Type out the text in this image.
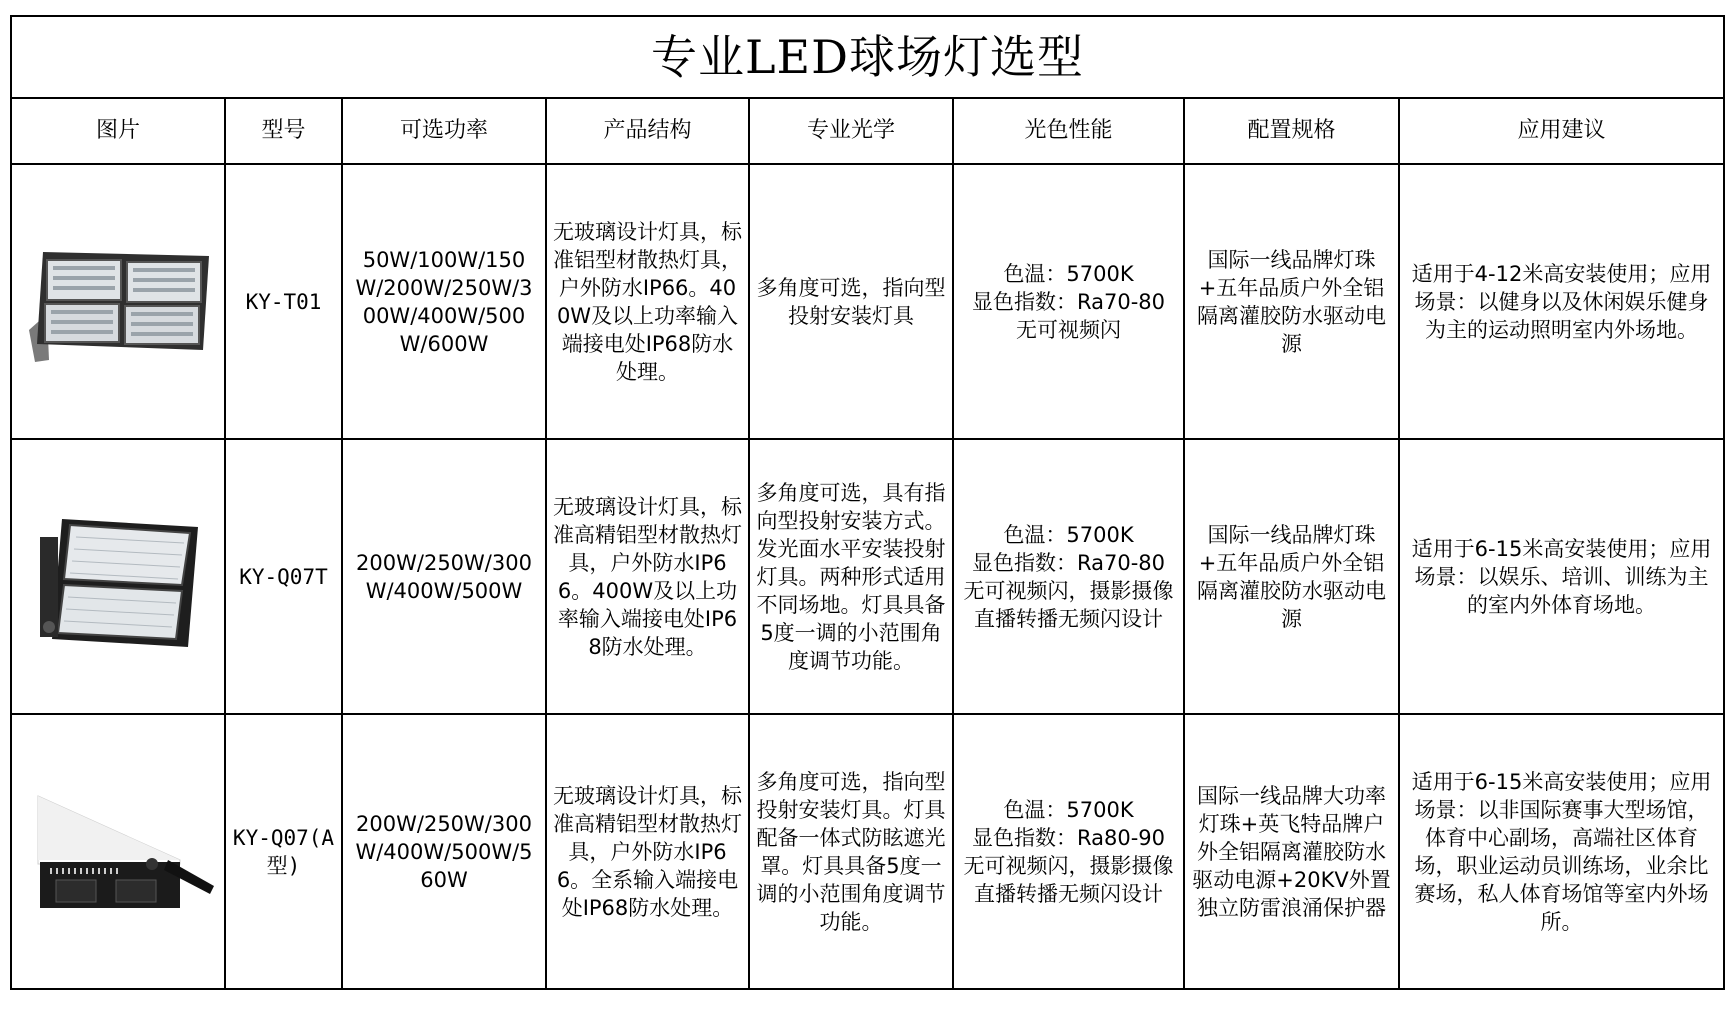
专业LED球场灯选型							
图片	型号	可选功率	产品结构	专业光学	光色性能	配置规格	应用建议

	KY-T01	50W/100W/150W/200W/250W/300W/400W/500W/600W	无玻璃设计灯具，标准铝型材散热灯具，户外防水IP66。400W及以上功率输入端接电处IP68防水处理。	多角度可选，指向型投射安装灯具	色温：5700K
显色指数：Ra70-80
无可视频闪	国际一线品牌灯珠+五年品质户外全铝隔离灌胶防水驱动电源	适用于4-12米高安装使用；应用场景：以健身以及休闲娱乐健身为主的运动照明室内外场地。

	KY-Q07T	200W/250W/300W/400W/500W	无玻璃设计灯具，标准高精铝型材散热灯具，户外防水IP66。400W及以上功率输入端接电处IP68防水处理。	多角度可选，具有指向型投射安装方式。发光面水平安装投射灯具。两种形式适用不同场地。灯具具备5度一调的小范围角度调节功能。	色温：5700K
显色指数：Ra70-80
无可视频闪，摄影摄像直播转播无频闪设计	国际一线品牌灯珠+五年品质户外全铝隔离灌胶防水驱动电源	适用于6-15米高安装使用；应用场景：以娱乐、培训、训练为主的室内外体育场地。

	KY-Q07(A型)	200W/250W/300W/400W/500W/560W	无玻璃设计灯具，标准高精铝型材散热灯具，户外防水IP66。全系输入端接电处IP68防水处理。	多角度可选，指向型投射安装灯具。灯具配备一体式防眩遮光罩。灯具具备5度一调的小范围角度调节功能。	色温：5700K
显色指数：Ra80-90
无可视频闪，摄影摄像直播转播无频闪设计	国际一线品牌大功率灯珠+英飞特品牌户外全铝隔离灌胶防水驱动电源+20KV外置独立防雷浪涌保护器	适用于6-15米高安装使用；应用场景：以非国际赛事大型场馆，体育中心副场，高端社区体育场，职业运动员训练场，业余比赛场，私人体育场馆等室内外场所。
